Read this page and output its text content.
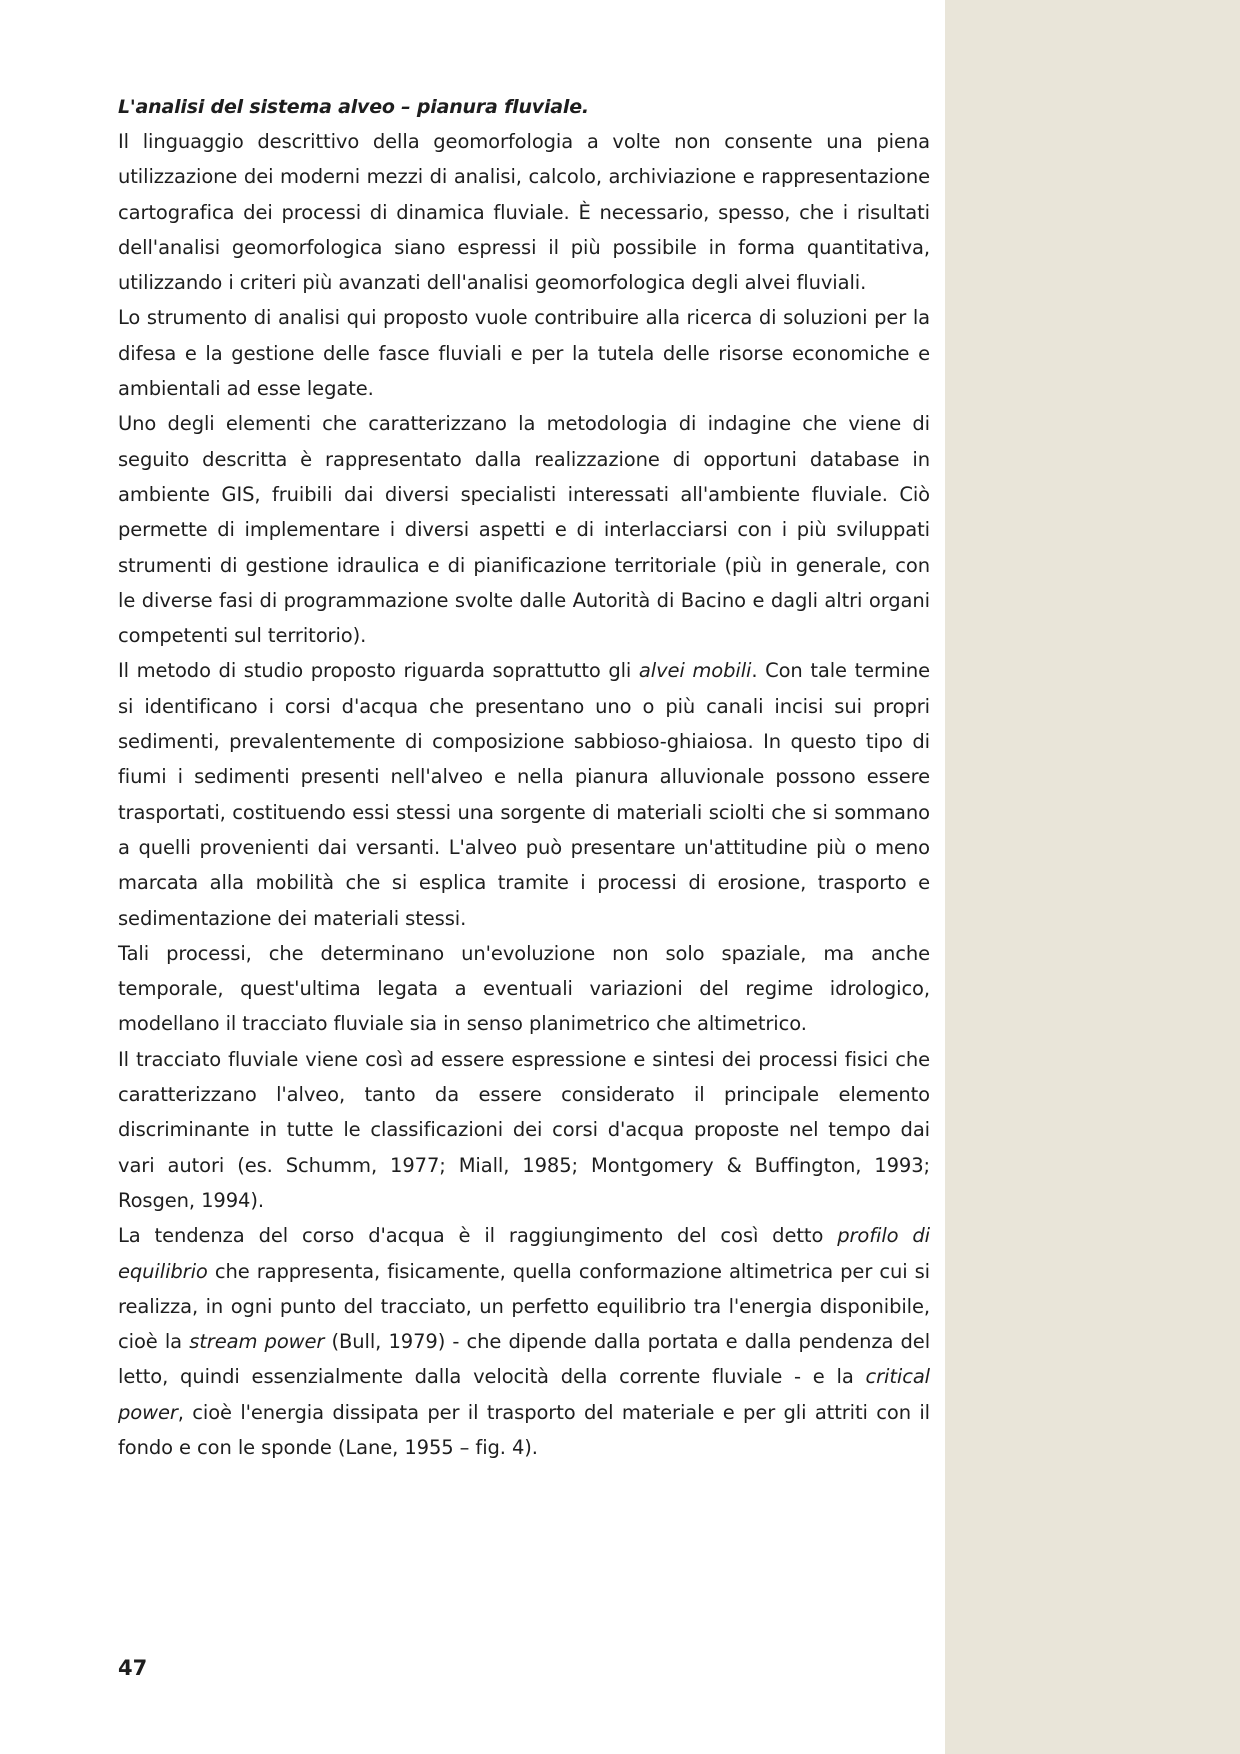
L'analisi del sistema alveo – pianura fluviale.

Il linguaggio descrittivo della geomorfologia a volte non consente una piena utilizzazione dei moderni mezzi di analisi, calcolo, archiviazione e rappresentazione cartografica dei processi di dinamica fluviale. È necessario, spesso, che i risultati dell'analisi geomorfologica siano espressi il più possibile in forma quantitativa, utilizzando i criteri più avanzati dell'analisi geomorfologica degli alvei fluviali.

Lo strumento di analisi qui proposto vuole contribuire alla ricerca di soluzioni per la difesa e la gestione delle fasce fluviali e per la tutela delle risorse economiche e ambientali ad esse legate.

Uno degli elementi che caratterizzano la metodologia di indagine che viene di seguito descritta è rappresentato dalla realizzazione di opportuni database in ambiente GIS, fruibili dai diversi specialisti interessati all'ambiente fluviale. Ciò permette di implementare i diversi aspetti e di interlacciarsi con i più sviluppati strumenti di gestione idraulica e di pianificazione territoriale (più in generale, con le diverse fasi di programmazione svolte dalle Autorità di Bacino e dagli altri organi competenti sul territorio).

Il metodo di studio proposto riguarda soprattutto gli alvei mobili. Con tale termine si identificano i corsi d'acqua che presentano uno o più canali incisi sui propri sedimenti, prevalentemente di composizione sabbioso-ghiaiosa. In questo tipo di fiumi i sedimenti presenti nell'alveo e nella pianura alluvionale possono essere trasportati, costituendo essi stessi una sorgente di materiali sciolti che si sommano a quelli provenienti dai versanti. L'alveo può presentare un'attitudine più o meno marcata alla mobilità che si esplica tramite i processi di erosione, trasporto e sedimentazione dei materiali stessi.

Tali processi, che determinano un'evoluzione non solo spaziale, ma anche temporale, quest'ultima legata a eventuali variazioni del regime idrologico, modellano il tracciato fluviale sia in senso planimetrico che altimetrico.

Il tracciato fluviale viene così ad essere espressione e sintesi dei processi fisici che caratterizzano l'alveo, tanto da essere considerato il principale elemento discriminante in tutte le classificazioni dei corsi d'acqua proposte nel tempo dai vari autori (es. Schumm, 1977; Miall, 1985; Montgomery & Buffington, 1993; Rosgen, 1994).

La tendenza del corso d'acqua è il raggiungimento del così detto profilo di equilibrio che rappresenta, fisicamente, quella conformazione altimetrica per cui si realizza, in ogni punto del tracciato, un perfetto equilibrio tra l'energia disponibile, cioè la stream power (Bull, 1979) - che dipende dalla portata e dalla pendenza del letto, quindi essenzialmente dalla velocità della corrente fluviale - e la critical power, cioè l'energia dissipata per il trasporto del materiale e per gli attriti con il fondo e con le sponde (Lane, 1955 – fig. 4).

47
